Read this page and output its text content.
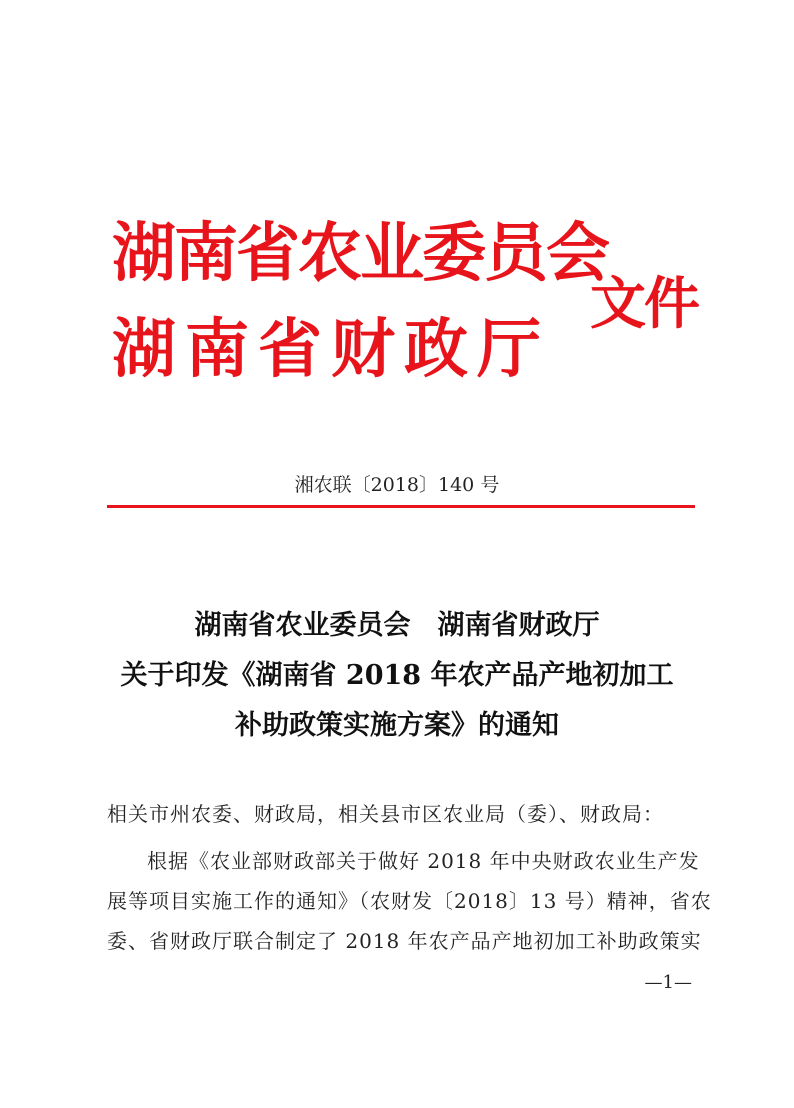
湖南省农业委员会
湖南省财政厅
文件
湘农联〔2018〕140 号
湖南省农业委员会　湖南省财政厅
关于印发《湖南省 2018 年农产品产地初加工
补助政策实施方案》的通知
相关市州农委、财政局，相关县市区农业局（委）、财政局：
根据《农业部财政部关于做好 2018 年中央财政农业生产发
展等项目实施工作的通知》（农财发〔2018〕13 号）精神，省农
委、省财政厅联合制定了 2018 年农产品产地初加工补助政策实
—1—
